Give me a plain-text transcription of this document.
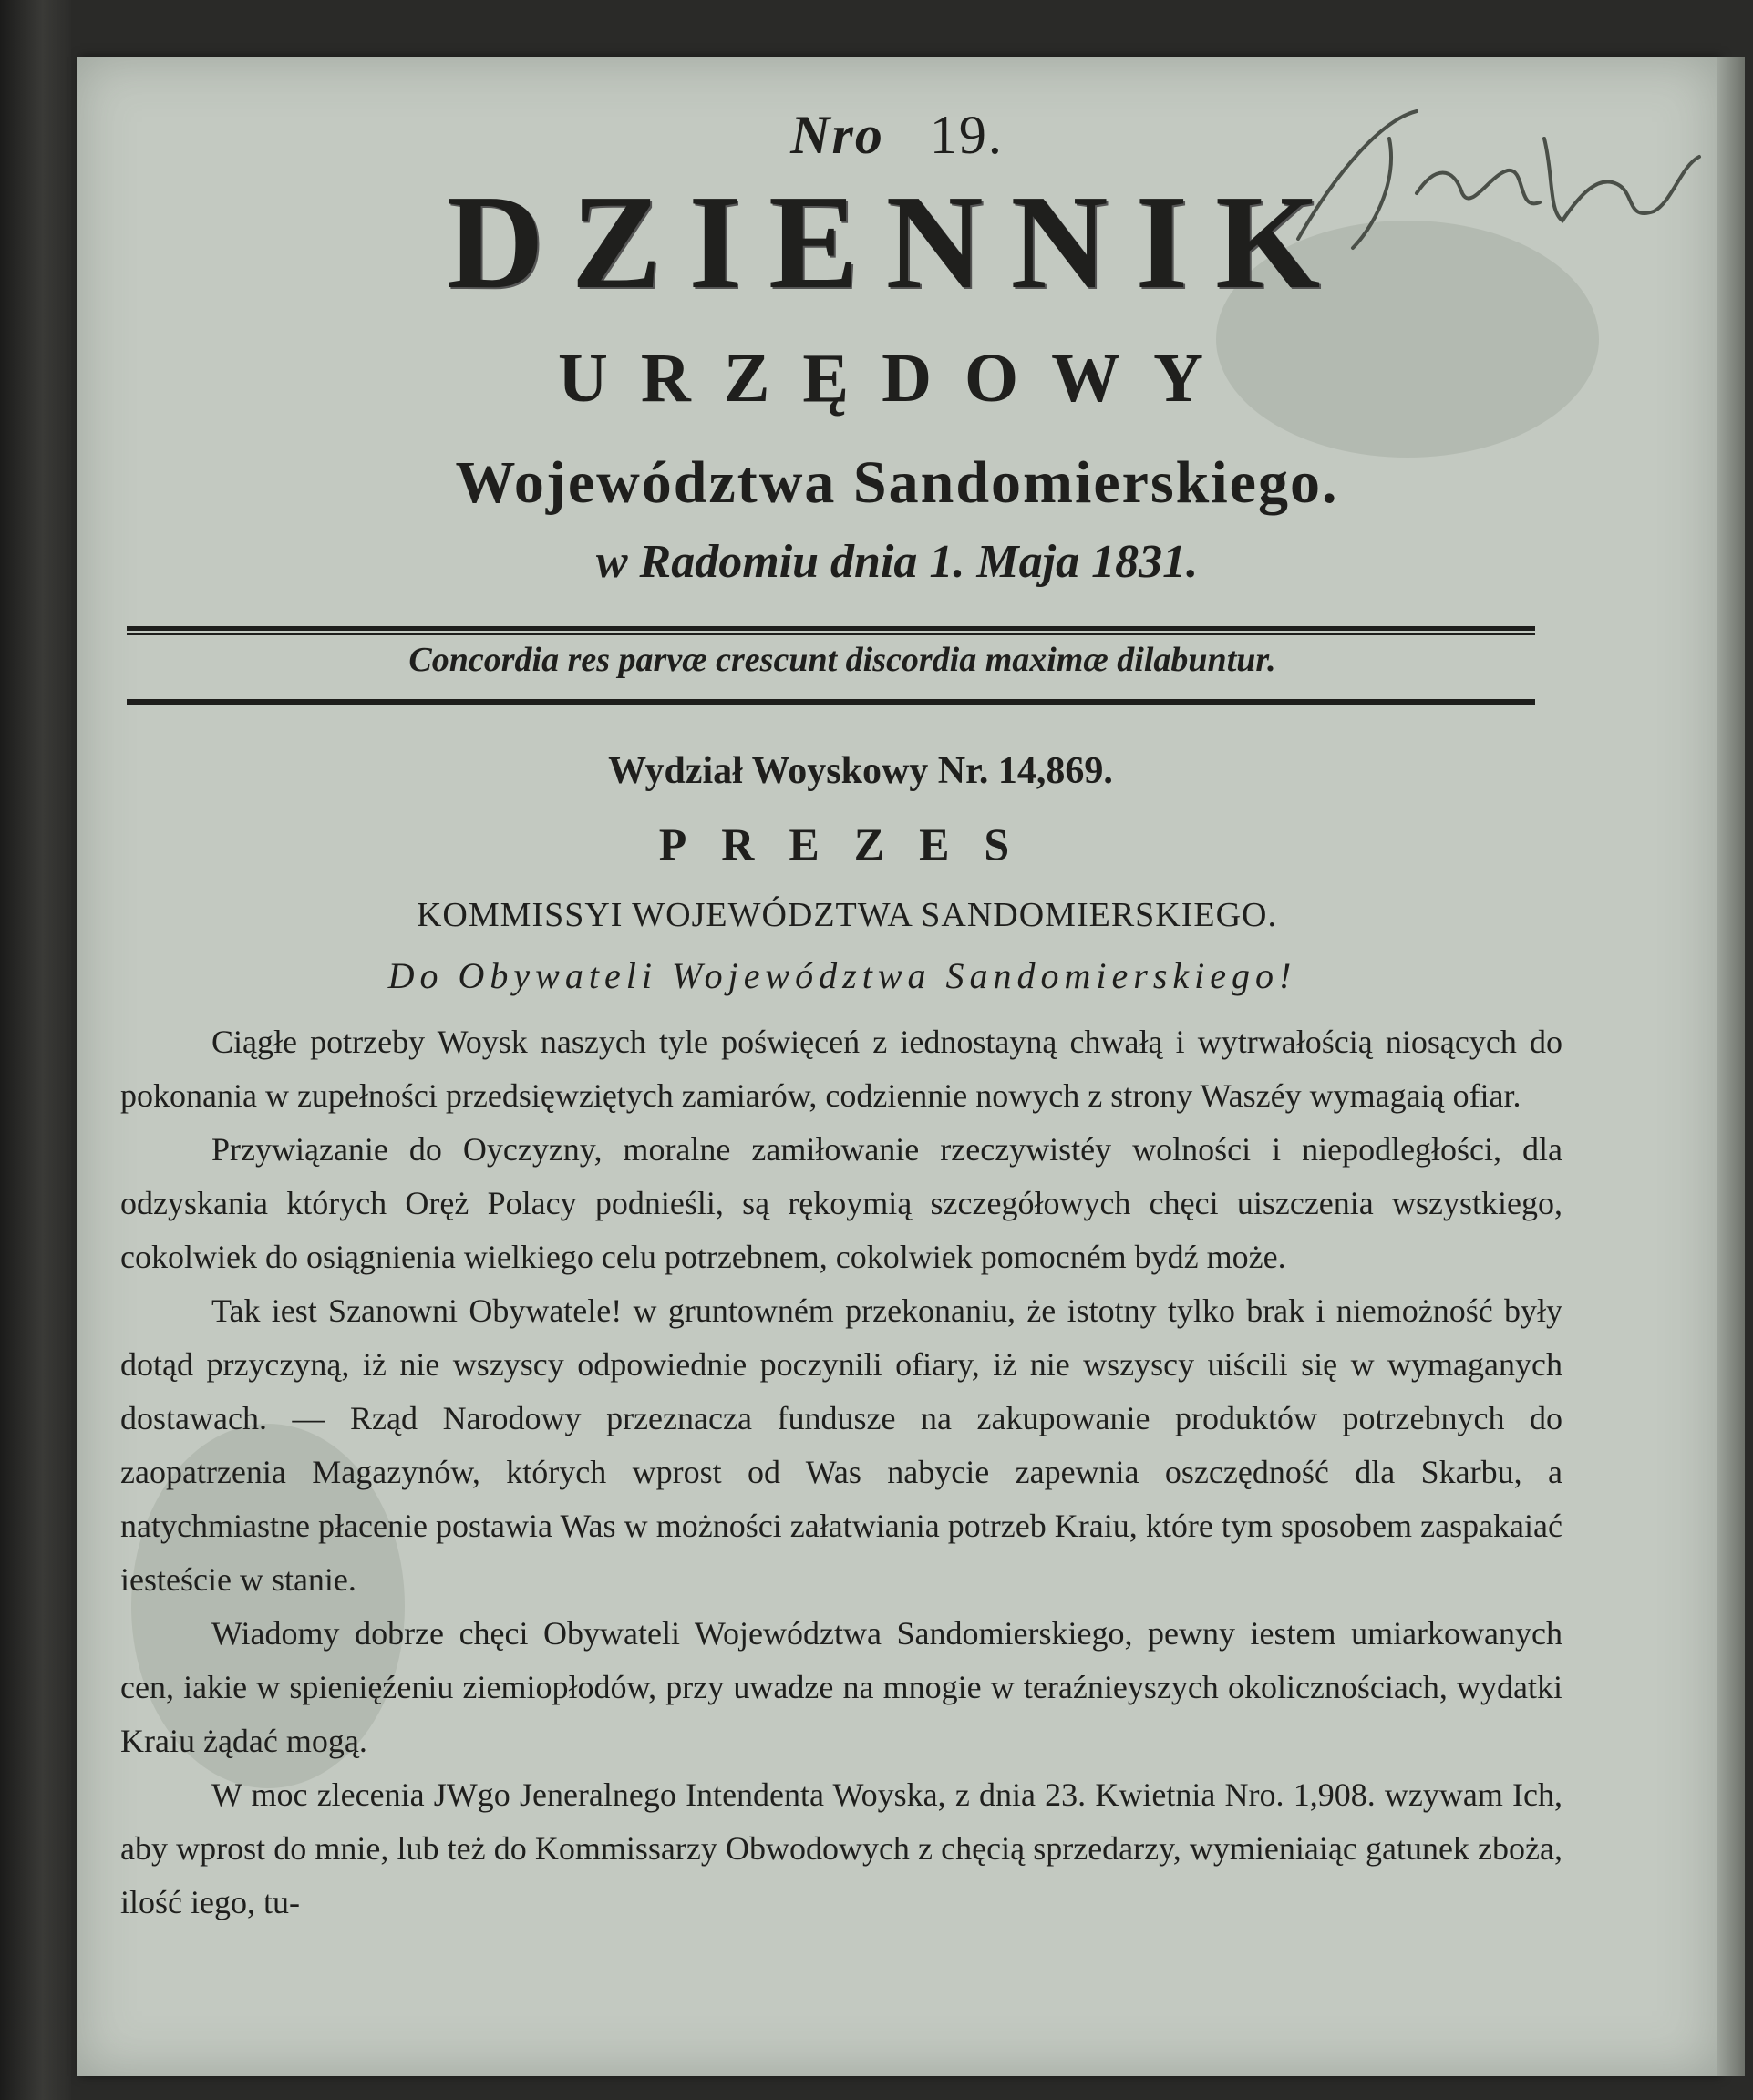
Nro 19.
DZIENNIK
URZĘDOWY
Województwa Sandomierskiego.
w Radomiu dnia 1. Maja 1831.
Concordia res parvæ crescunt discordia maximæ dilabuntur.
Wydział Woyskowy Nr. 14,869.
PREZES
KOMMISSYI WOJEWÓDZTWA SANDOMIERSKIEGO.
Do Obywateli Województwa Sandomierskiego!

Ciągłe potrzeby Woysk naszych tyle poświęceń z iednostayną chwałą i wytrwałością niosących do pokonania w zupełności przedsięwziętych zamiarów, codziennie nowych z strony Waszéy wymagaią ofiar.

Przywiązanie do Oyczyzny, moralne zamiłowanie rzeczywistéy wolności i niepodległości, dla odzyskania których Oręż Polacy podnieśli, są rękoymią szczegółowych chęci uiszczenia wszystkiego, cokolwiek do osiągnienia wielkiego celu potrzebnem, cokolwiek pomocném bydź może.

Tak iest Szanowni Obywatele! w gruntowném przekonaniu, że istotny tylko brak i niemożność były dotąd przyczyną, iż nie wszyscy odpowiednie poczynili ofiary, iż nie wszyscy uiścili się w wymaganych dostawach. — Rząd Narodowy przeznacza fundusze na zakupowanie produktów potrzebnych do zaopatrzenia Magazynów, których wprost od Was nabycie zapewnia oszczędność dla Skarbu, a natychmiastne płacenie postawia Was w możności załatwiania potrzeb Kraiu, które tym sposobem zaspakaiać iesteście w stanie.

Wiadomy dobrze chęci Obywateli Województwa Sandomierskiego, pewny iestem umiarkowanych cen, iakie w spienięźeniu ziemiopłodów, przy uwadze na mnogie w teraźnieyszych okolicznościach, wydatki Kraiu żądać mogą.

W moc zlecenia JWgo Jeneralnego Intendenta Woyska, z dnia 23. Kwietnia Nro. 1,908. wzywam Ich, aby wprost do mnie, lub też do Kommissarzy Obwodowych z chęcią sprzedarzy, wymieniaiąc gatunek zboża, ilość iego, tu-
